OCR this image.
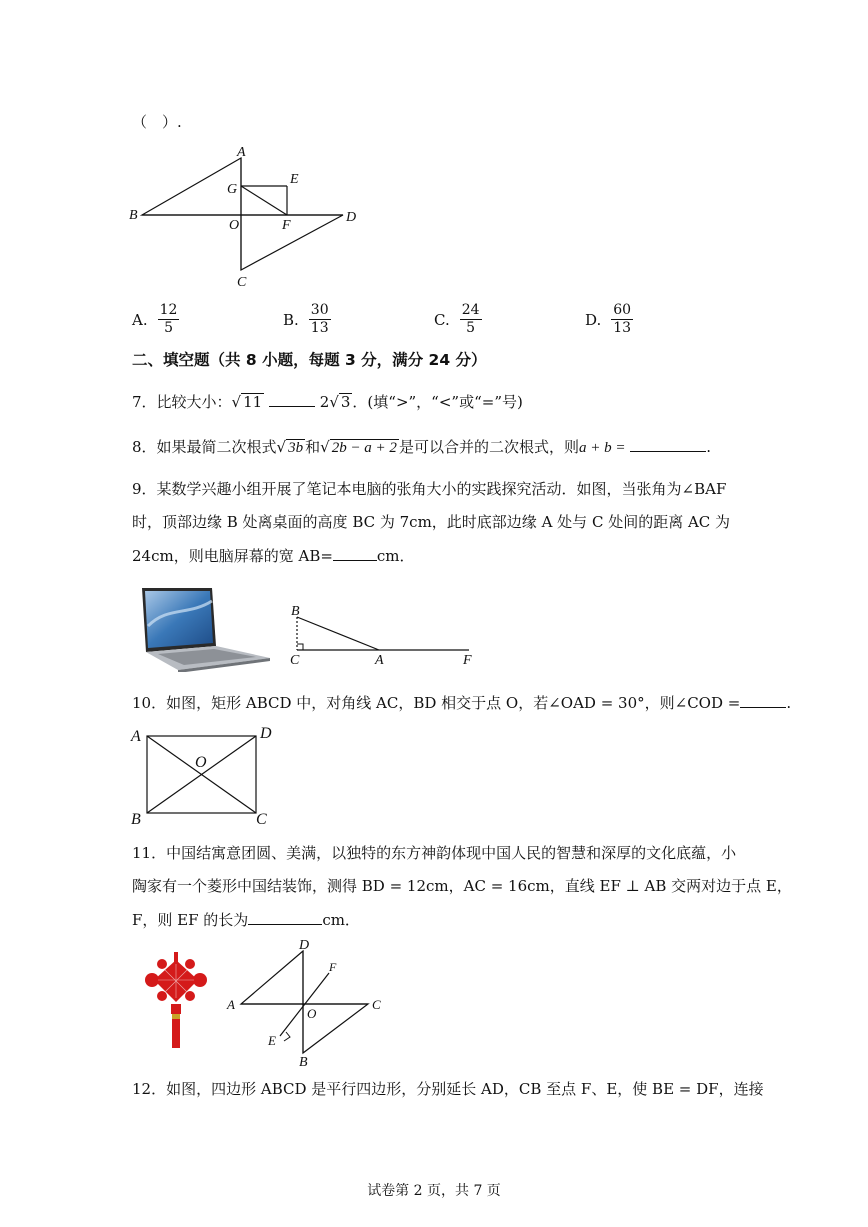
（　）.
A
E
G
B
O	F
D
C
A. $\frac{12}{5}$	B. $\frac{30}{13}$	C. $\frac{24}{5}$	D. $\frac{60}{13}$
二、填空题（共 8 小题，每题 3 分，满分 24 分）
7．比较大小：√ 11	2√ 3 ．(填“>”，“<”或“=”号)
8．如果最简二次根式√ 3b 和√ 2b − a + 2 是可以合并的二次根式，则a + b =	.
9．某数学兴趣小组开展了笔记本电脑的张角大小的实践探究活动．如图，当张角为∠BAF
时，顶部边缘 B 处离桌面的高度 BC 为 7cm，此时底部边缘 A 处与 C 处间的距离 AC 为
24cm，则电脑屏幕的宽 AB=	cm．
B
C	A	F
10．如图，矩形 ABCD 中，对角线 AC，BD 相交于点 O，若∠OAD = 30°，则∠COD =	.
A	D
O
B	C
11．中国结寓意团圆、美满，以独特的东方神韵体现中国人民的智慧和深厚的文化底蕴，小
陶家有一个菱形中国结装饰，测得 BD = 12cm，AC = 16cm，直线 EF ⊥ AB 交两对边于点 E，
F，则 EF 的长为	cm．
D
F
A
O
C
E
B
12．如图，四边形 ABCD 是平行四边形，分别延长 AD，CB 至点 F、E，使 BE = DF，连接
试卷第 2 页，共 7 页
